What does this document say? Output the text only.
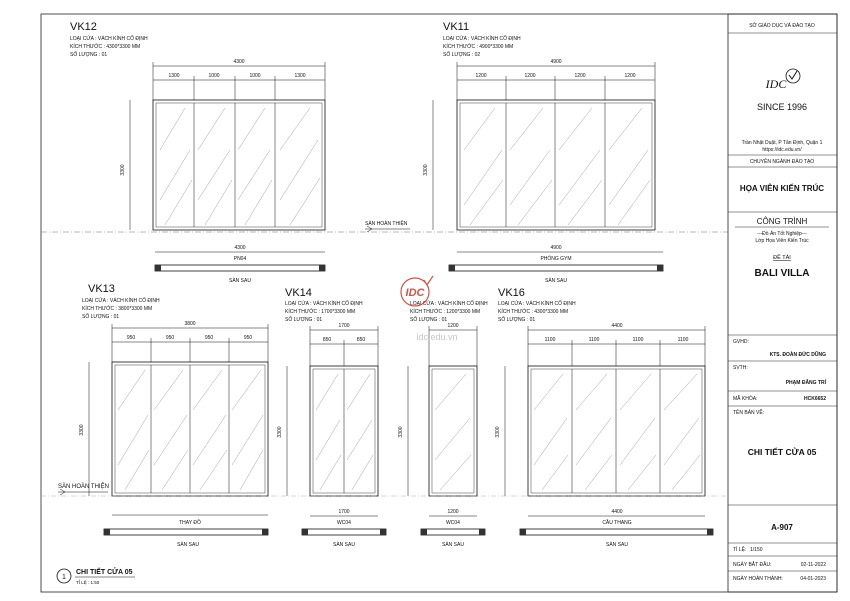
VK12
LOẠI CỬA : VÁCH KÍNH CỐ ĐỊNH
KÍCH THƯỚC : 4300*3300 MM
SỐ LƯỢNG : 01
4300
1300	1000	1000	1300
3300
4300
PN04
SÀN SAU
VK11
LOẠI CỬA : VÁCH KÍNH CỐ ĐỊNH
KÍCH THƯỚC : 4900*3300 MM
SỐ LƯỢNG : 02
4900
1200	1200	1200	1200
3300
4900
PHÒNG GYM
SÀN SAU
SÀN HOÀN THIỆN
VK13
LOẠI CỬA : VÁCH KÍNH CỐ ĐỊNH
KÍCH THƯỚC : 3800*3300 MM
SỐ LƯỢNG : 01
3800
950	950	950	950
3300
THAY ĐỒ
SÀN SAU
SÀN HOÀN THIỆN
VK14
LOẠI CỬA : VÁCH KÍNH CỐ ĐỊNH
KÍCH THƯỚC : 1700*3300 MM
SỐ LƯỢNG : 01
1700
850	850
3300
1700
WC04
SÀN SAU
LOẠI CỬA : VÁCH KÍNH CỐ ĐỊNH
KÍCH THƯỚC : 1200*3300 MM
SỐ LƯỢNG : 01
1200
3300
1200
WC04
SÀN SAU
VK16
LOẠI CỬA : VÁCH KÍNH CỐ ĐỊNH
KÍCH THƯỚC : 4300*3300 MM
SỐ LƯỢNG : 01
4400
1100	1100	1100	1100
3300
4400
CẦU THANG
SÀN SAU
IDC
idc.edu.vn
1
CHI TIẾT CỬA 05
TỈ LỆ : 1:50
SỞ GIÁO DỤC VÀ ĐÀO TẠO
IDC
SINCE 1996
Trần Nhật Duật, P Tân Định, Quận 1
https://idc.edu.vn/
CHUYÊN NGÀNH ĐÀO TẠO
HỌA VIÊN KIẾN TRÚC
CÔNG TRÌNH
---Đồ Án Tốt Nghiệp---
Lớp Họa Viên Kiến Trúc
ĐỀ TÀI
BALI VILLA
GVHD:
KTS. ĐOÀN ĐỨC DŨNG
SVTH:
PHẠM ĐĂNG TRÍ
MÃ KHÓA:	HCK6652
TÊN BẢN VẼ:
CHI TIẾT CỬA 05
A-907
TỈ LỆ: 1/150
NGÀY BẮT ĐẦU:	02-11-2022
NGÀY HOÀN THÀNH:	04-01-2023
